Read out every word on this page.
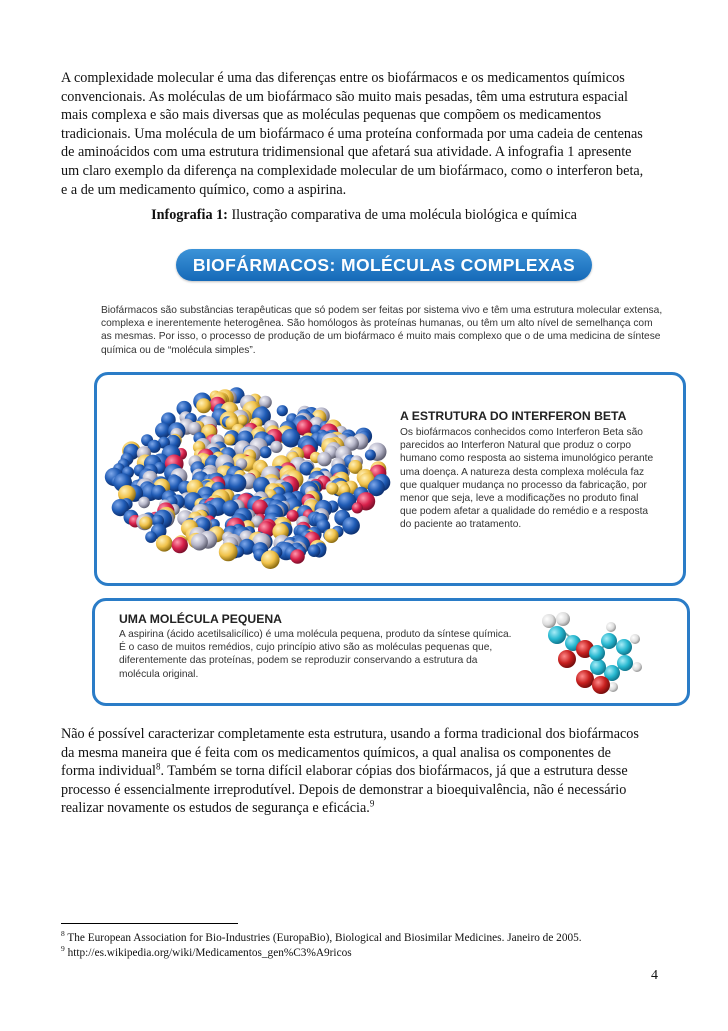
A complexidade molecular é uma das diferenças entre os biofármacos e os medicamentos químicos
convencionais. As moléculas de um biofármaco são muito mais pesadas, têm uma estrutura espacial
mais complexa e são mais diversas que as moléculas pequenas que compõem os medicamentos
tradicionais. Uma molécula de um biofármaco é uma proteína conformada por uma cadeia de centenas
de aminoácidos com uma estrutura tridimensional que afetará sua atividade. A infografia 1 apresente
um claro exemplo da diferença na complexidade molecular de um biofármaco, como o interferon beta,
e a de um medicamento químico, como a aspirina.
Infografia 1: Ilustração comparativa de uma molécula biológica e química
BIOFÁRMACOS: MOLÉCULAS COMPLEXAS
Biofármacos são substâncias terapêuticas que só podem ser feitas por sistema vivo e têm uma estrutura molecular extensa,
complexa e inerentemente heterogênea. São homólogos às proteínas humanas, ou têm um alto nível de semelhança com
as mesmas. Por isso, o processo de produção de um biofármaco é muito mais complexo que o de uma medicina de síntese
química ou de “molécula simples”.
A ESTRUTURA DO INTERFERON BETA
Os biofármacos conhecidos como Interferon Beta são
parecidos ao Interferon Natural que produz o corpo
humano como resposta ao sistema imunológico perante
uma doença. A natureza desta complexa molécula faz
que qualquer mudança no processo da fabricação, por
menor que seja, leve a modificações no produto final
que podem afetar a qualidade do remédio e a resposta
do paciente ao tratamento.
UMA MOLÉCULA PEQUENA
A aspirina (ácido acetilsalicílico) é uma molécula pequena, produto da síntese química.
É o caso de muitos remédios, cujo princípio ativo são as moléculas pequenas que,
diferentemente das proteínas, podem se reproduzir conservando a estrutura da
molécula original.
Não é possível caracterizar completamente esta estrutura, usando a forma tradicional dos biofármacos
da mesma maneira que é feita com os medicamentos químicos, a qual analisa os componentes de
forma individual$^8$. Também se torna difícil elaborar cópias dos biofármacos, já que a estrutura desse
processo é essencialmente irreprodutível. Depois de demonstrar a bioequivalência, não é necessário
realizar novamente os estudos de segurança e eficácia.$^9$
$^8$ The European Association for Bio-Industries (EuropaBio), Biological and Biosimilar Medicines. Janeiro de 2005.
$^9$ http://es.wikipedia.org/wiki/Medicamentos_gen%C3%A9ricos
4
